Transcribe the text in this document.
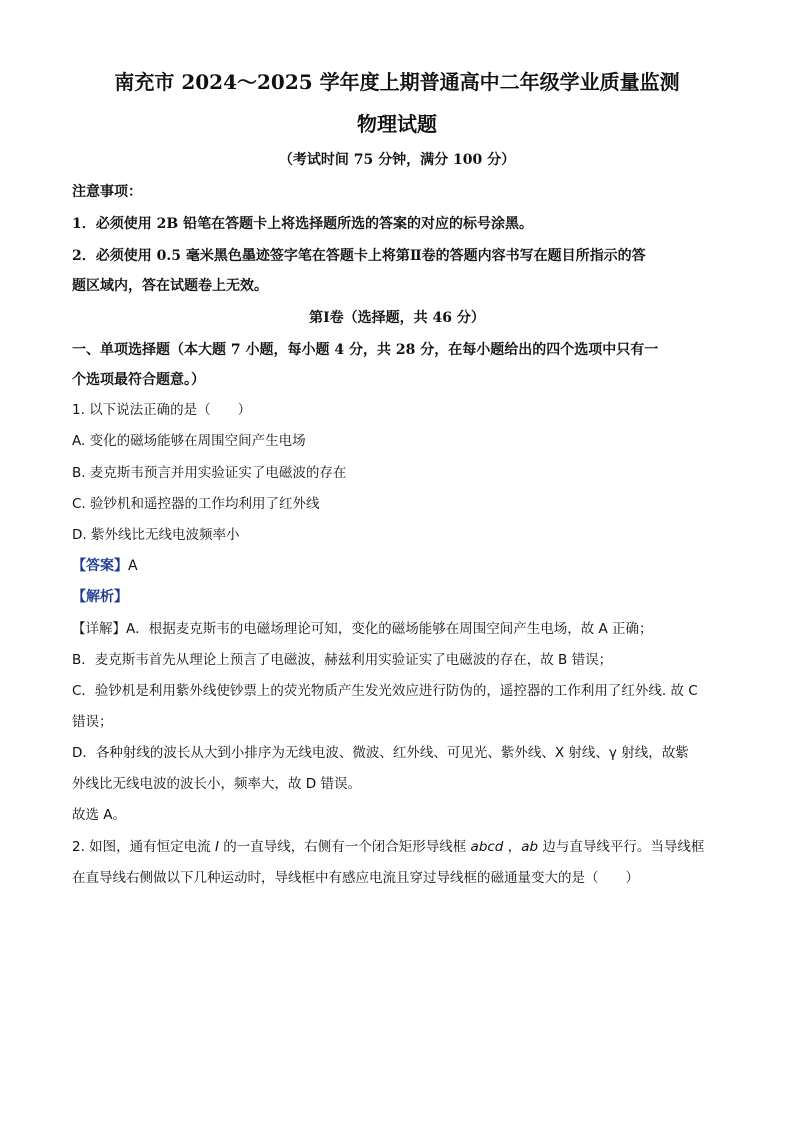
南充市 2024～2025 学年度上期普通高中二年级学业质量监测
物理试题
（考试时间 75 分钟，满分 100 分）
注意事项：
1．必须使用 2B 铅笔在答题卡上将选择题所选的答案的对应的标号涂黑。
2．必须使用 0.5 毫米黑色墨迹签字笔在答题卡上将第Ⅱ卷的答题内容书写在题目所指示的答
题区域内，答在试题卷上无效。
第Ⅰ卷（选择题，共 46 分）
一、单项选择题（本大题 7 小题，每小题 4 分，共 28 分，在每小题给出的四个选项中只有一
个选项最符合题意。）
1. 以下说法正确的是（　　）
A. 变化的磁场能够在周围空间产生电场
B. 麦克斯韦预言并用实验证实了电磁波的存在
C. 验钞机和遥控器的工作均利用了红外线
D. 紫外线比无线电波频率小
【答案】A
【解析】
【详解】A．根据麦克斯韦的电磁场理论可知，变化的磁场能够在周围空间产生电场，故 A 正确；
B．麦克斯韦首先从理论上预言了电磁波，赫兹利用实验证实了电磁波的存在，故 B 错误；
C．验钞机是利用紫外线使钞票上的荧光物质产生发光效应进行防伪的，遥控器的工作利用了红外线. 故 C
错误；
D．各种射线的波长从大到小排序为无线电波、微波、红外线、可见光、紫外线、X 射线、γ 射线，故紫
外线比无线电波的波长小，频率大，故 D 错误。
故选 A。
2. 如图，通有恒定电流 I 的一直导线，右侧有一个闭合矩形导线框 abcd ，ab 边与直导线平行。当导线框
在直导线右侧做以下几种运动时，导线框中有感应电流且穿过导线框的磁通量变大的是（　　）
